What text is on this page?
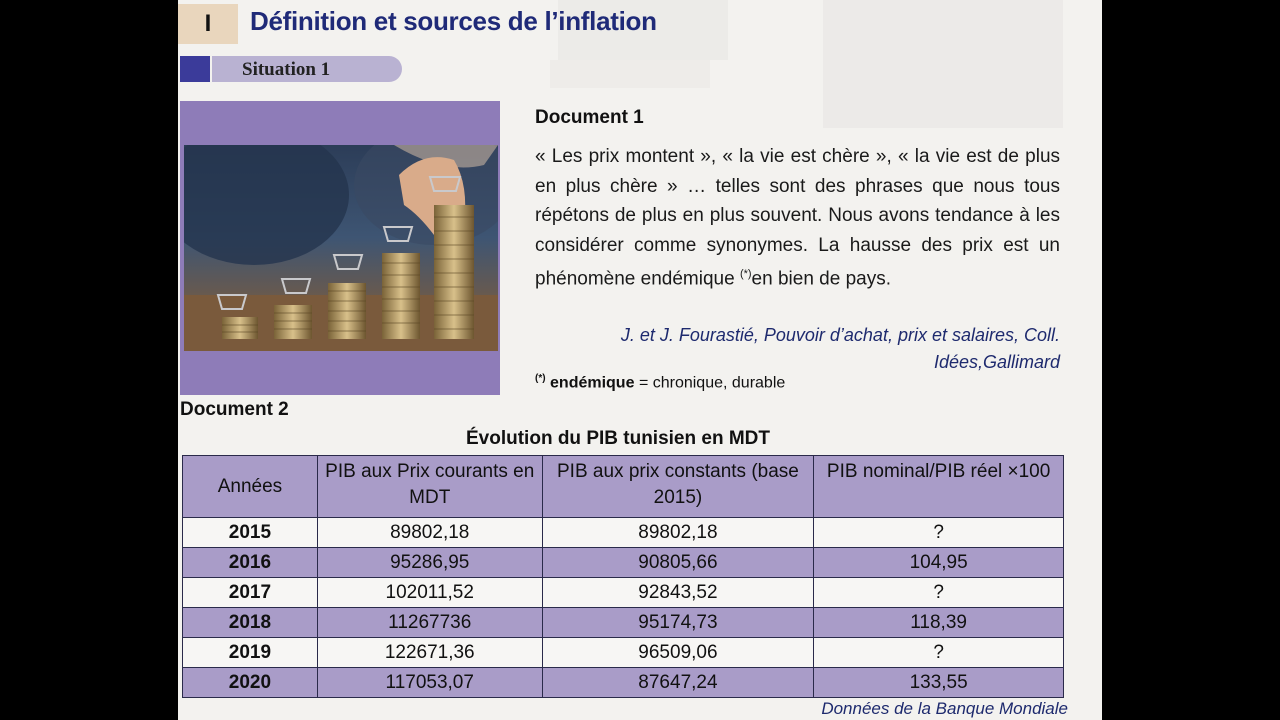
I	Définition et sources de l’inflation
Situation 1
Document 1
« Les prix montent », « la vie est chère », « la vie est de plus en plus chère » … telles sont des phrases que nous tous répétons de plus en plus souvent. Nous avons tendance à les considérer comme synonymes. La hausse des prix est un phénomène endémique (*)en bien de pays.
J. et J. Fourastié, Pouvoir d’achat, prix et salaires, Coll.
Idées,Gallimard
(*) endémique = chronique, durable
Document 2
Évolution du PIB tunisien en MDT
Années	PIB aux Prix courants en MDT	PIB aux prix constants (base 2015)	PIB nominal/PIB réel ×100
2015	89802,18	89802,18	?
2016	95286,95	90805,66	104,95
2017	102011,52	92843,52	?
2018	11267736	95174,73	118,39
2019	122671,36	96509,06	?
2020	117053,07	87647,24	133,55
Données de la Banque Mondiale
